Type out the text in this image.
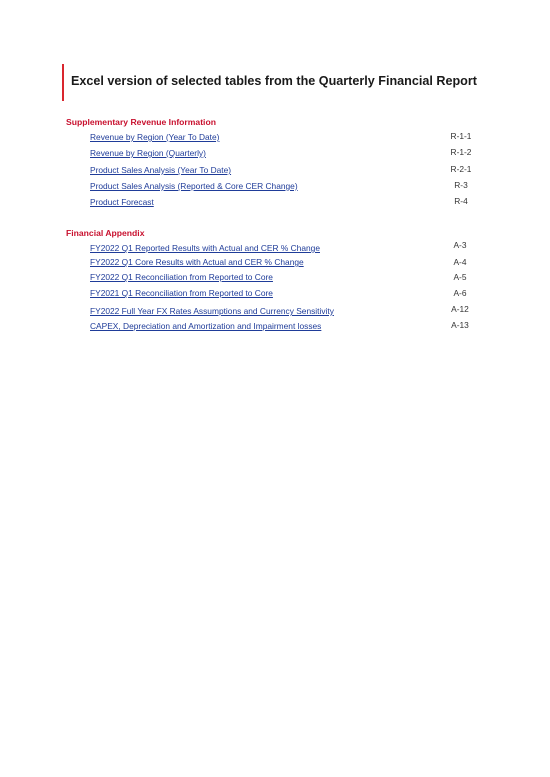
Excel version of selected tables from the Quarterly Financial Report
Supplementary Revenue Information
Revenue by Region (Year To Date)	R-1-1
Revenue by Region (Quarterly)	R-1-2
Product Sales Analysis (Year To Date)	R-2-1
Product Sales Analysis (Reported & Core CER Change)	R-3
Product Forecast	R-4
Financial Appendix
FY2022 Q1 Reported Results with Actual and CER % Change	A-3
FY2022 Q1 Core Results with Actual and CER % Change	A-4
FY2022 Q1 Reconciliation from Reported to Core	A-5
FY2021 Q1 Reconciliation from Reported to Core	A-6
FY2022 Full Year FX Rates Assumptions and Currency Sensitivity	A-12
CAPEX, Depreciation and Amortization and Impairment losses	A-13
